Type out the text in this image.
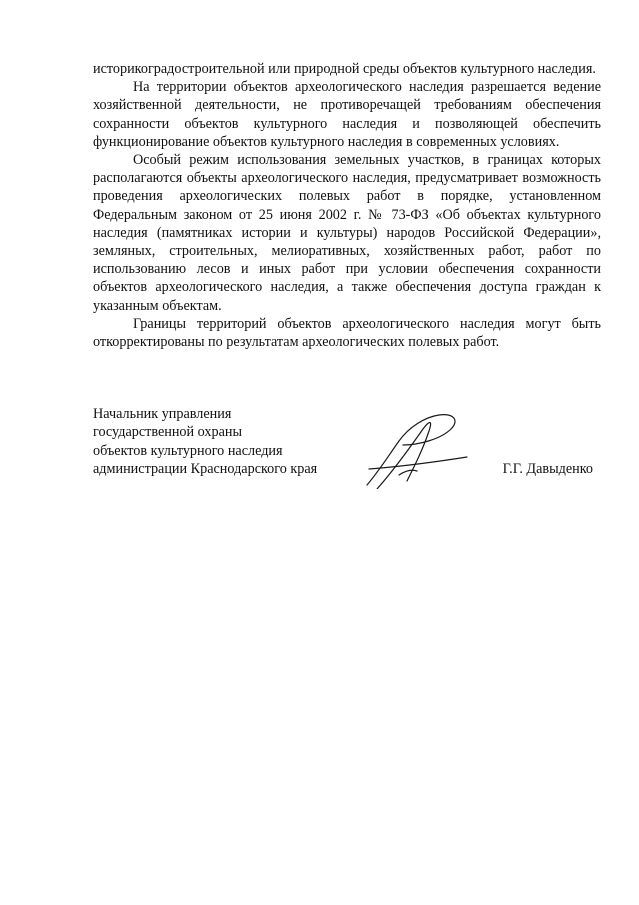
историкоградостроительной или природной среды объектов культурного наследия.

На территории объектов археологического наследия разрешается ведение хозяйственной деятельности, не противоречащей требованиям обеспечения сохранности объектов культурного наследия и позволяющей обеспечить функционирование объектов культурного наследия в современных условиях.

Особый режим использования земельных участков, в границах которых располагаются объекты археологического наследия, предусматривает возможность проведения археологических полевых работ в порядке, установленном Федеральным законом от 25 июня 2002 г. № 73-ФЗ «Об объектах культурного наследия (памятниках истории и культуры) народов Российской Федерации», земляных, строительных, мелиоративных, хозяйственных работ, работ по использованию лесов и иных работ при условии обеспечения сохранности объектов археологического наследия, а также обеспечения доступа граждан к указанным объектам.

Границы территорий объектов археологического наследия могут быть откорректированы по результатам археологических полевых работ.

Начальник управления
государственной охраны
объектов культурного наследия
администрации Краснодарского края	Г.Г. Давыденко
